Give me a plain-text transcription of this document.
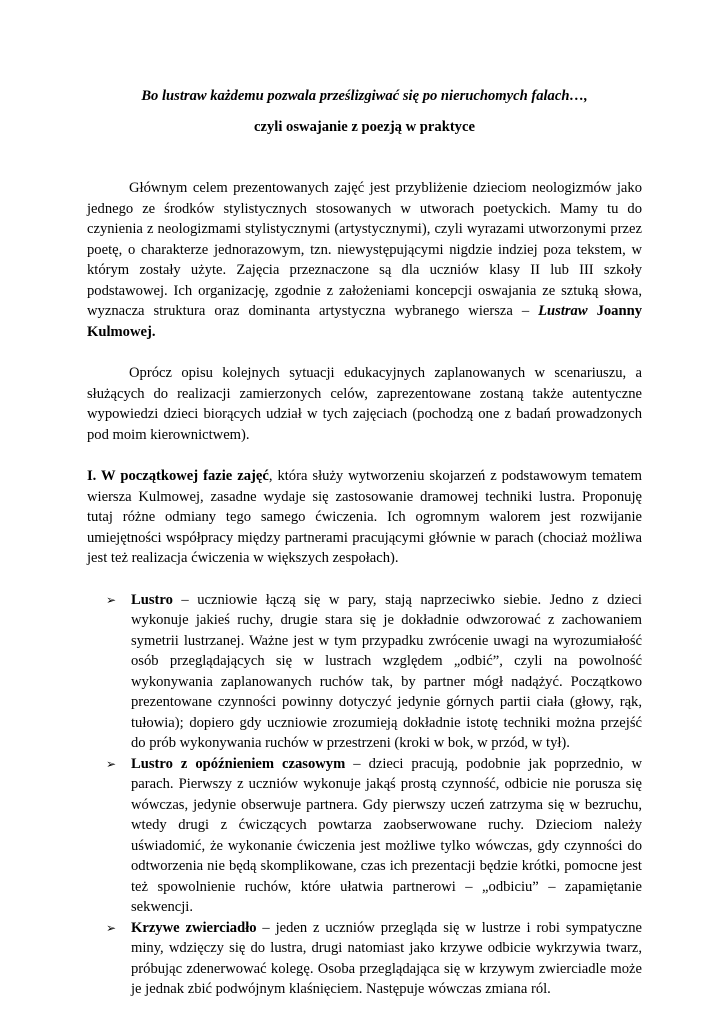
Bo lustraw każdemu pozwala prześlizgiwać się po nieruchomych falach…,

czyli oswajanie z poezją w praktyce

Głównym celem prezentowanych zajęć jest przybliżenie dzieciom neologizmów jako jednego ze środków stylistycznych stosowanych w utworach poetyckich. Mamy tu do czynienia z neologizmami stylistycznymi (artystycznymi), czyli wyrazami utworzonymi przez poetę, o charakterze jednorazowym, tzn. niewystępującymi nigdzie indziej poza tekstem, w którym zostały użyte. Zajęcia przeznaczone są dla uczniów klasy II lub III szkoły podstawowej. Ich organizację, zgodnie z założeniami koncepcji oswajania ze sztuką słowa, wyznacza struktura oraz dominanta artystyczna wybranego wiersza – Lustraw Joanny Kulmowej.

Oprócz opisu kolejnych sytuacji edukacyjnych zaplanowanych w scenariuszu, a służących do realizacji zamierzonych celów, zaprezentowane zostaną także autentyczne wypowiedzi dzieci biorących udział w tych zajęciach (pochodzą one z badań prowadzonych pod moim kierownictwem).

I. W początkowej fazie zajęć, która służy wytworzeniu skojarzeń z podstawowym tematem wiersza Kulmowej, zasadne wydaje się zastosowanie dramowej techniki lustra. Proponuję tutaj różne odmiany tego samego ćwiczenia. Ich ogromnym walorem jest rozwijanie umiejętności współpracy między partnerami pracującymi głównie w parach (chociaż możliwa jest też realizacja ćwiczenia w większych zespołach).

➢ Lustro – uczniowie łączą się w pary, stają naprzeciwko siebie. Jedno z dzieci wykonuje jakieś ruchy, drugie stara się je dokładnie odwzorować z zachowaniem symetrii lustrzanej. Ważne jest w tym przypadku zwrócenie uwagi na wyrozumiałość osób przeglądających się w lustrach względem „odbić”, czyli na powolność wykonywania zaplanowanych ruchów tak, by partner mógł nadążyć. Początkowo prezentowane czynności powinny dotyczyć jedynie górnych partii ciała (głowy, rąk, tułowia); dopiero gdy uczniowie zrozumieją dokładnie istotę techniki można przejść do prób wykonywania ruchów w przestrzeni (kroki w bok, w przód, w tył).

➢ Lustro z opóźnieniem czasowym – dzieci pracują, podobnie jak poprzednio, w parach. Pierwszy z uczniów wykonuje jakąś prostą czynność, odbicie nie porusza się wówczas, jedynie obserwuje partnera. Gdy pierwszy uczeń zatrzyma się w bezruchu, wtedy drugi z ćwiczących powtarza zaobserwowane ruchy. Dzieciom należy uświadomić, że wykonanie ćwiczenia jest możliwe tylko wówczas, gdy czynności do odtworzenia nie będą skomplikowane, czas ich prezentacji będzie krótki, pomocne jest też spowolnienie ruchów, które ułatwia partnerowi – „odbiciu” – zapamiętanie sekwencji.

➢ Krzywe zwierciadło – jeden z uczniów przegląda się w lustrze i robi sympatyczne miny, wdzięczy się do lustra, drugi natomiast jako krzywe odbicie wykrzywia twarz, próbując zdenerwować kolegę. Osoba przeglądająca się w krzywym zwierciadle może je jednak zbić podwójnym klaśnięciem. Następuje wówczas zmiana ról.
